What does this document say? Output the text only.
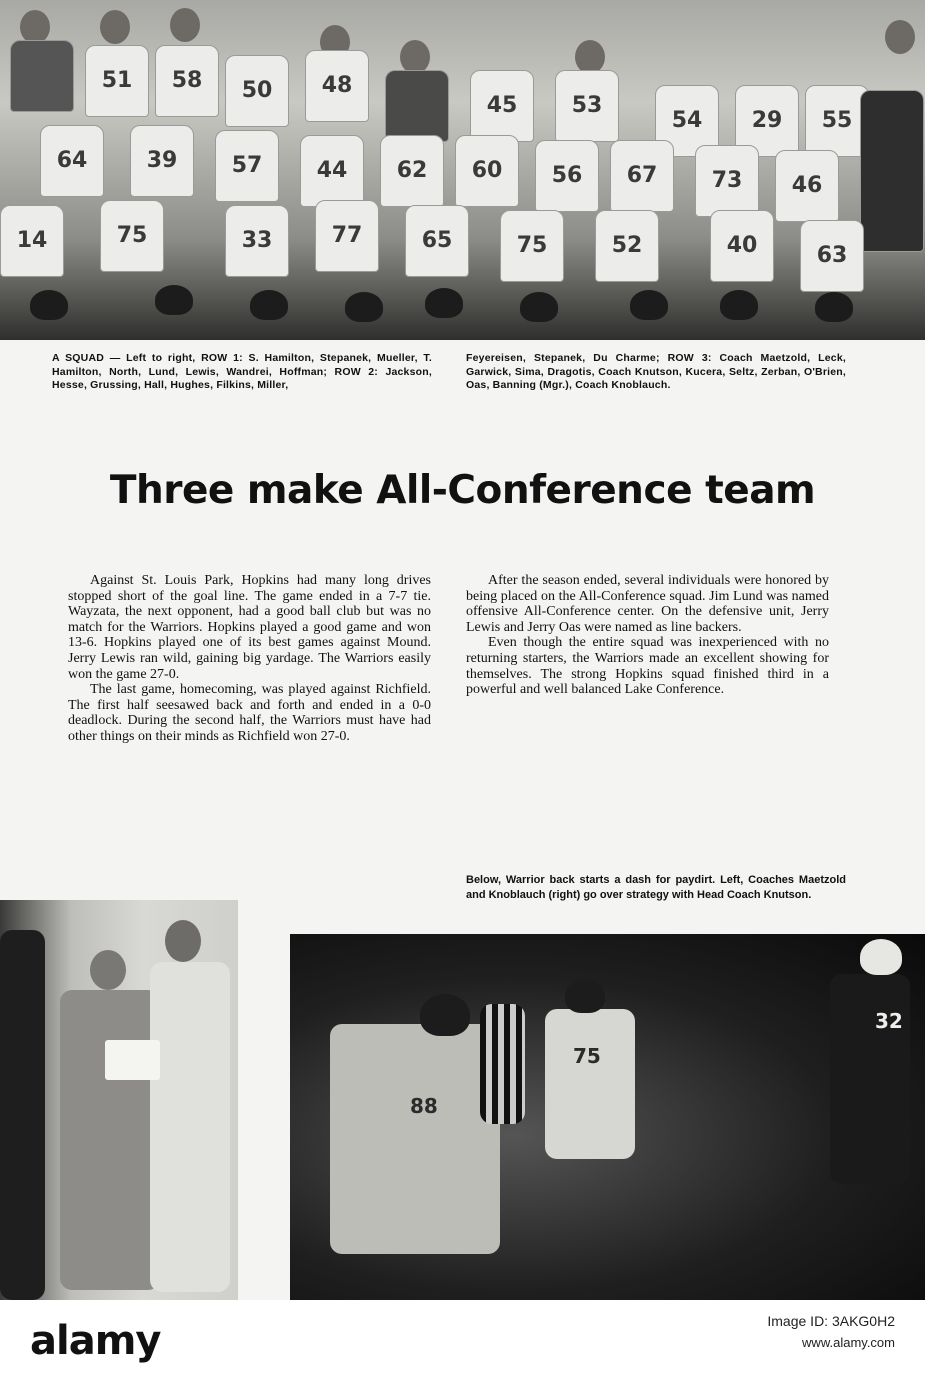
51	58	50	48
45	53
54	29	55
64	39	57	44	62	60	56	67	73	46
14	75	33	77	65	75	52	40	63
A SQUAD — Left to right, ROW 1: S. Hamilton, Stepanek, Mueller, T. Hamilton, North, Lund, Lewis, Wandrei, Hoffman; ROW 2: Jackson, Hesse, Grussing, Hall, Hughes, Filkins, Miller,
Feyereisen, Stepanek, Du Charme; ROW 3: Coach Maetzold, Leck, Garwick, Sima, Dragotis, Coach Knutson, Kucera, Seltz, Zerban, O'Brien, Oas, Banning (Mgr.), Coach Knoblauch.
Three make All-Conference team

Against St. Louis Park, Hopkins had many long drives stopped short of the goal line. The game ended in a 7-7 tie. Wayzata, the next opponent, had a good ball club but was no match for the Warriors. Hopkins played a good game and won 13-6. Hopkins played one of its best games against Mound. Jerry Lewis ran wild, gaining big yardage. The Warriors easily won the game 27-0.

The last game, homecoming, was played against Richfield. The first half seesawed back and forth and ended in a 0-0 deadlock. During the second half, the Warriors must have had other things on their minds as Richfield won 27-0.

After the season ended, several individuals were honored by being placed on the All-Conference squad. Jim Lund was named offensive All-Conference center. On the defensive unit, Jerry Lewis and Jerry Oas were named as line backers.

Even though the entire squad was inexperienced with no returning starters, the Warriors made an excellent showing for themselves. The strong Hopkins squad finished third in a powerful and well balanced Lake Conference.

Below, Warrior back starts a dash for paydirt. Left, Coaches Maetzold and Knoblauch (right) go over strategy with Head Coach Knutson.
88
75
32
alamy	Image ID: 3AKG0H2
www.alamy.com
